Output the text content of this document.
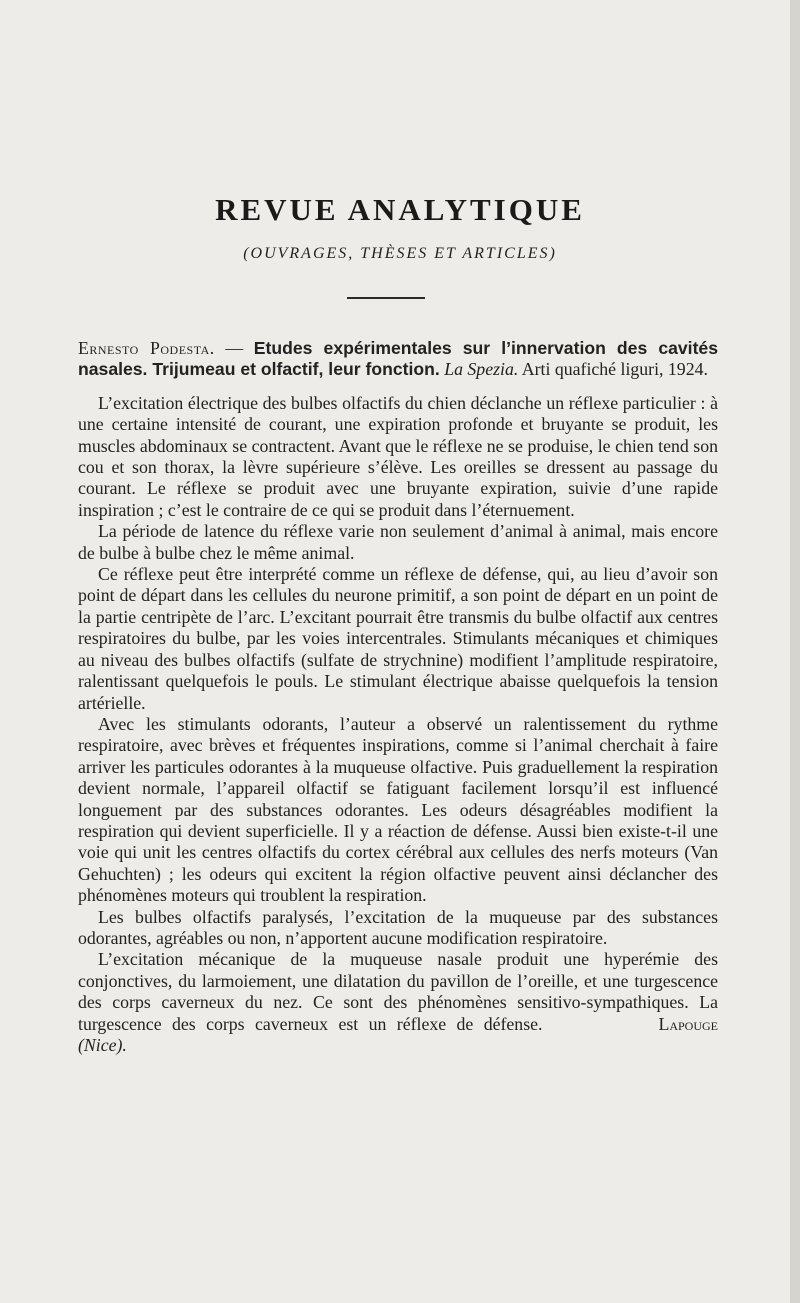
REVUE ANALYTIQUE
(OUVRAGES, THÈSES ET ARTICLES)

Ernesto Podesta. — Etudes expérimentales sur l’innervation des cavités nasales. Trijumeau et olfactif, leur fonction. La Spezia. Arti quafiché liguri, 1924.

L’excitation électrique des bulbes olfactifs du chien déclanche un réflexe particulier : à une certaine intensité de courant, une expiration profonde et bruyante se produit, les muscles abdominaux se contractent. Avant que le réflexe ne se produise, le chien tend son cou et son thorax, la lèvre supérieure s’élève. Les oreilles se dressent au passage du courant. Le réflexe se produit avec une bruyante expiration, suivie d’une rapide inspiration ; c’est le contraire de ce qui se produit dans l’éternuement.

La période de latence du réflexe varie non seulement d’animal à animal, mais encore de bulbe à bulbe chez le même animal.

Ce réflexe peut être interprété comme un réflexe de défense, qui, au lieu d’avoir son point de départ dans les cellules du neurone primitif, a son point de départ en un point de la partie centripète de l’arc. L’excitant pourrait être transmis du bulbe olfactif aux centres respiratoires du bulbe, par les voies intercentrales. Stimulants mécaniques et chimiques au niveau des bulbes olfactifs (sulfate de strychnine) modifient l’amplitude respiratoire, ralentissant quelquefois le pouls. Le stimulant électrique abaisse quelquefois la tension artérielle.

Avec les stimulants odorants, l’auteur a observé un ralentissement du rythme respiratoire, avec brèves et fréquentes inspirations, comme si l’animal cherchait à faire arriver les particules odorantes à la muqueuse olfactive. Puis graduellement la respiration devient normale, l’appareil olfactif se fatiguant facilement lorsqu’il est influencé longuement par des substances odorantes. Les odeurs désagréables modifient la respiration qui devient superficielle. Il y a réaction de défense. Aussi bien existe-t-il une voie qui unit les centres olfactifs du cortex cérébral aux cellules des nerfs moteurs (Van Gehuchten) ; les odeurs qui excitent la région olfactive peuvent ainsi déclancher des phénomènes moteurs qui troublent la respiration.

Les bulbes olfactifs paralysés, l’excitation de la muqueuse par des substances odorantes, agréables ou non, n’apportent aucune modification respiratoire.

L’excitation mécanique de la muqueuse nasale produit une hyperémie des conjonctives, du larmoiement, une dilatation du pavillon de l’oreille, et une turgescence des corps caverneux du nez. Ce sont des phénomènes sensitivo-sympathiques. La turgescence des corps caverneux est un réflexe de défense.	Lapouge (Nice).
